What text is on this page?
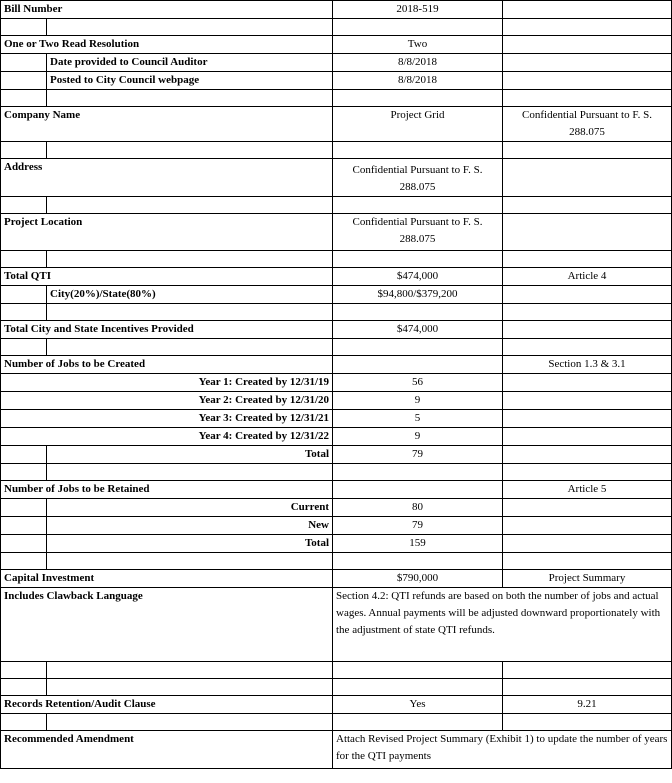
Bill Number		2018-519	

One or Two Read Resolution		Two	
	Date provided to Council Auditor	8/8/2018	
	Posted to City Council webpage	8/8/2018	

Company Name		Project Grid	Confidential Pursuant to F. S. 288.075

Address		Confidential Pursuant to F. S. 288.075	

Project Location		Confidential Pursuant to F. S. 288.075	

Total QTI		$474,000	Article 4
	City(20%)/State(80%)	$94,800/$379,200	

Total City and State Incentives Provided		$474,000	

Number of Jobs to be Created			Section 1.3 & 3.1
Year 1: Created by 12/31/19		56	
Year 2: Created by 12/31/20		9	
Year 3: Created by 12/31/21		5	
Year 4: Created by 12/31/22		9	
	Total	79	

Number of Jobs to be Retained			Article 5
	Current	80	
	New	79	
	Total	159	

Capital Investment		$790,000	Project Summary
Includes Clawback Language		Section 4.2: QTI refunds are based on both the number of jobs and actual wages. Annual payments will be adjusted downward proportionately with the adjustment of state QTI refunds.	

Records Retention/Audit Clause		Yes	9.21

Recommended Amendment		Attach Revised Project Summary (Exhibit 1) to update the number of years for the QTI payments	
